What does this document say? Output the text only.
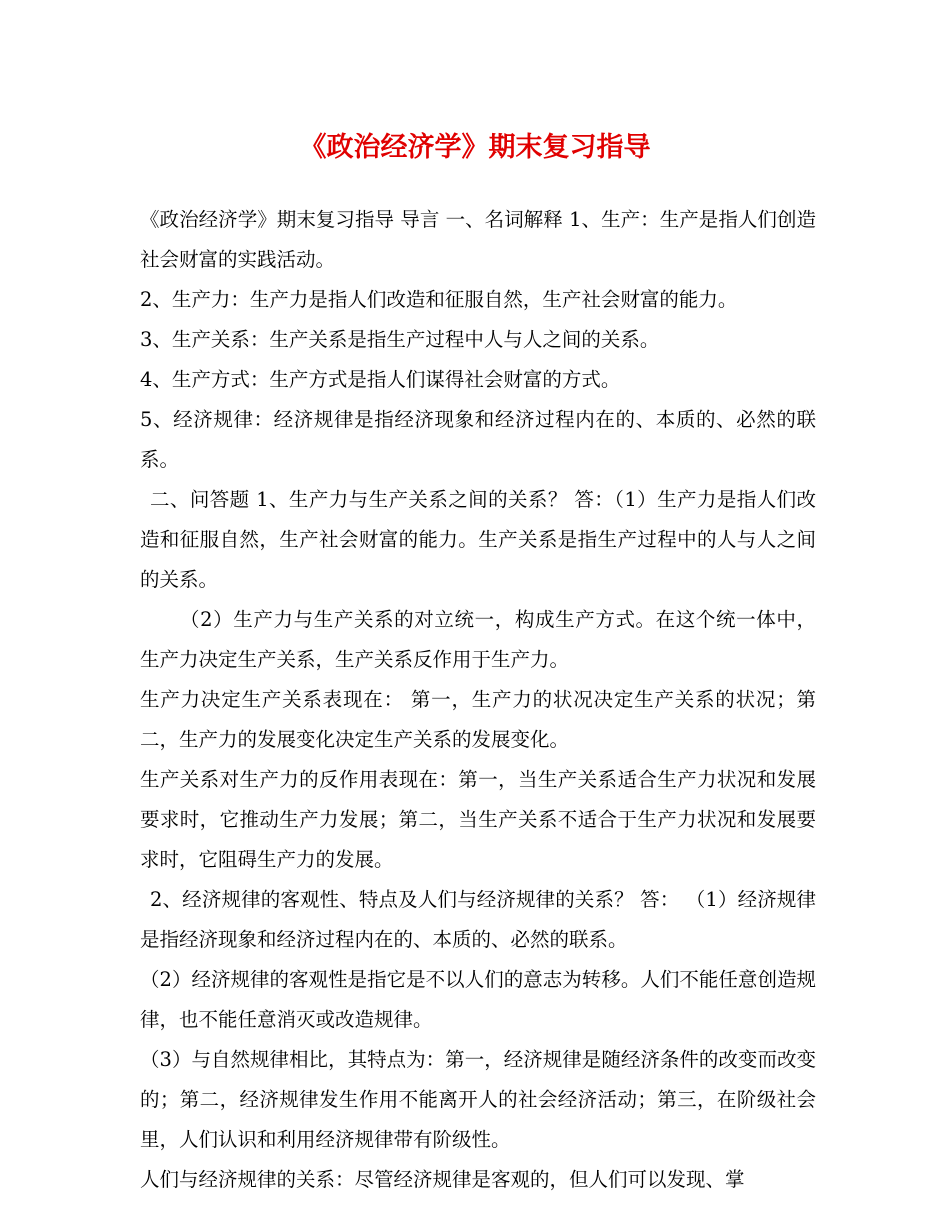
《政治经济学》期末复习指导

《政治经济学》期末复习指导 导言 一、名词解释 1、生产：生产是指人们创造社会财富的实践活动。

2、生产力：生产力是指人们改造和征服自然，生产社会财富的能力。

3、生产关系：生产关系是指生产过程中人与人之间的关系。

4、生产方式：生产方式是指人们谋得社会财富的方式。

5、经济规律：经济规律是指经济现象和经济过程内在的、本质的、必然的联系。

二、问答题 1、生产力与生产关系之间的关系？ 答：（1）生产力是指人们改造和征服自然，生产社会财富的能力。生产关系是指生产过程中的人与人之间的关系。

（2）生产力与生产关系的对立统一，构成生产方式。在这个统一体中，生产力决定生产关系，生产关系反作用于生产力。

生产力决定生产关系表现在： 第一，生产力的状况决定生产关系的状况；第二，生产力的发展变化决定生产关系的发展变化。

生产关系对生产力的反作用表现在：第一，当生产关系适合生产力状况和发展要求时，它推动生产力发展；第二，当生产关系不适合于生产力状况和发展要求时，它阻碍生产力的发展。

2、经济规律的客观性、特点及人们与经济规律的关系？ 答： （1）经济规律是指经济现象和经济过程内在的、本质的、必然的联系。

（2）经济规律的客观性是指它是不以人们的意志为转移。人们不能任意创造规律，也不能任意消灭或改造规律。

（3）与自然规律相比，其特点为：第一，经济规律是随经济条件的改变而改变的；第二，经济规律发生作用不能离开人的社会经济活动；第三，在阶级社会里，人们认识和利用经济规律带有阶级性。

人们与经济规律的关系：尽管经济规律是客观的，但人们可以发现、掌
